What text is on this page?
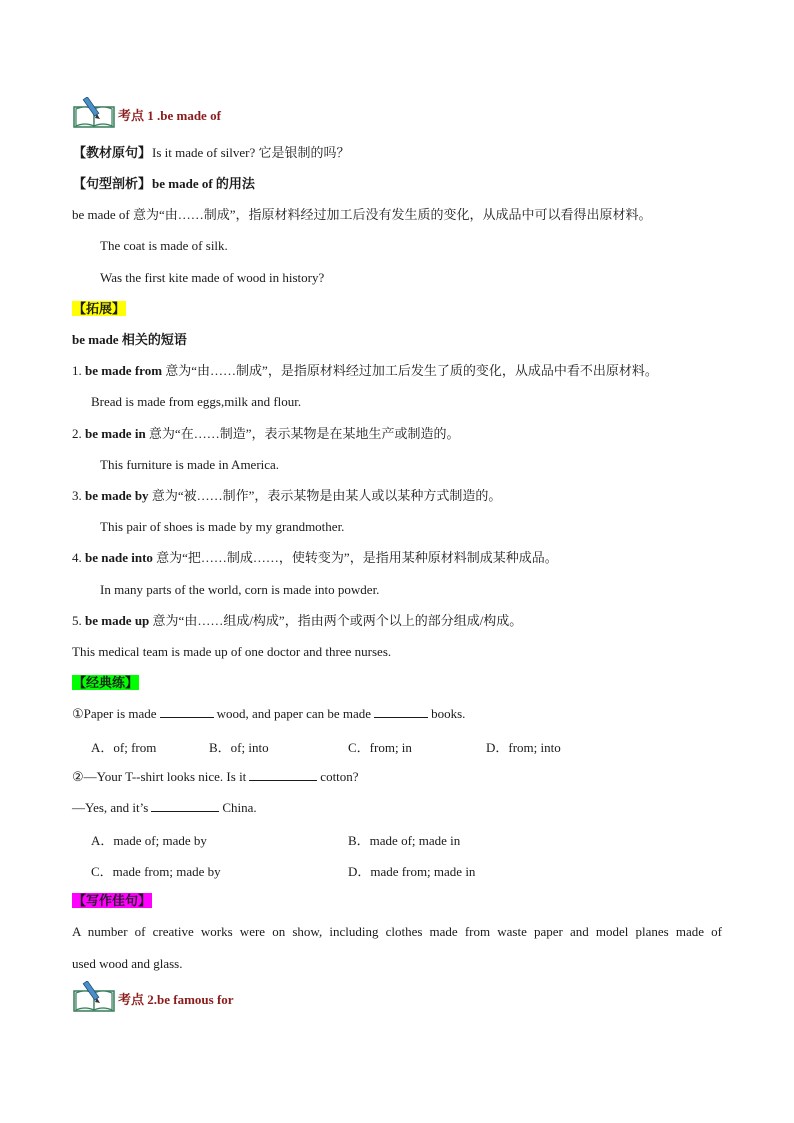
考点 1 .be made of
【教材原句】Is it made of silver? 它是银制的吗？
【句型剖析】be made of 的用法
be made of 意为“由……制成”，指原材料经过加工后没有发生质的变化，从成品中可以看得出原材料。
The coat is made of silk.
Was the first kite made of wood in history?
【拓展】
be made 相关的短语
1. be made from 意为“由……制成”，是指原材料经过加工后发生了质的变化，从成品中看不出原材料。
Bread is made from eggs,milk and flour.
2. be made in 意为“在……制造”，表示某物是在某地生产或制造的。
This furniture is made in America.
3. be made by 意为“被……制作”，表示某物是由某人或以某种方式制造的。
This pair of shoes is made by my grandmother.
4. be nade into 意为“把……制成……，使转变为”，是指用某种原材料制成某种成品。
In many parts of the world, corn is made into powder.
5. be made up 意为“由……组成/构成”，指由两个或两个以上的部分组成/构成。
This medical team is made up of one doctor and three nurses.
【经典练】
①Paper is made	wood, and paper can be made	books.
A．of; from	B．of; into	C．from; in	D．from; into
②—Your T--shirt looks nice. Is it	cotton?
—Yes, and it’s	China.
A．made of; made by	B．made of; made in
C．made from; made by	D．made from; made in
【写作佳句】
A number of creative works were on show, including clothes made from waste paper and model planes made of
used wood and glass.
考点 2.be famous for
